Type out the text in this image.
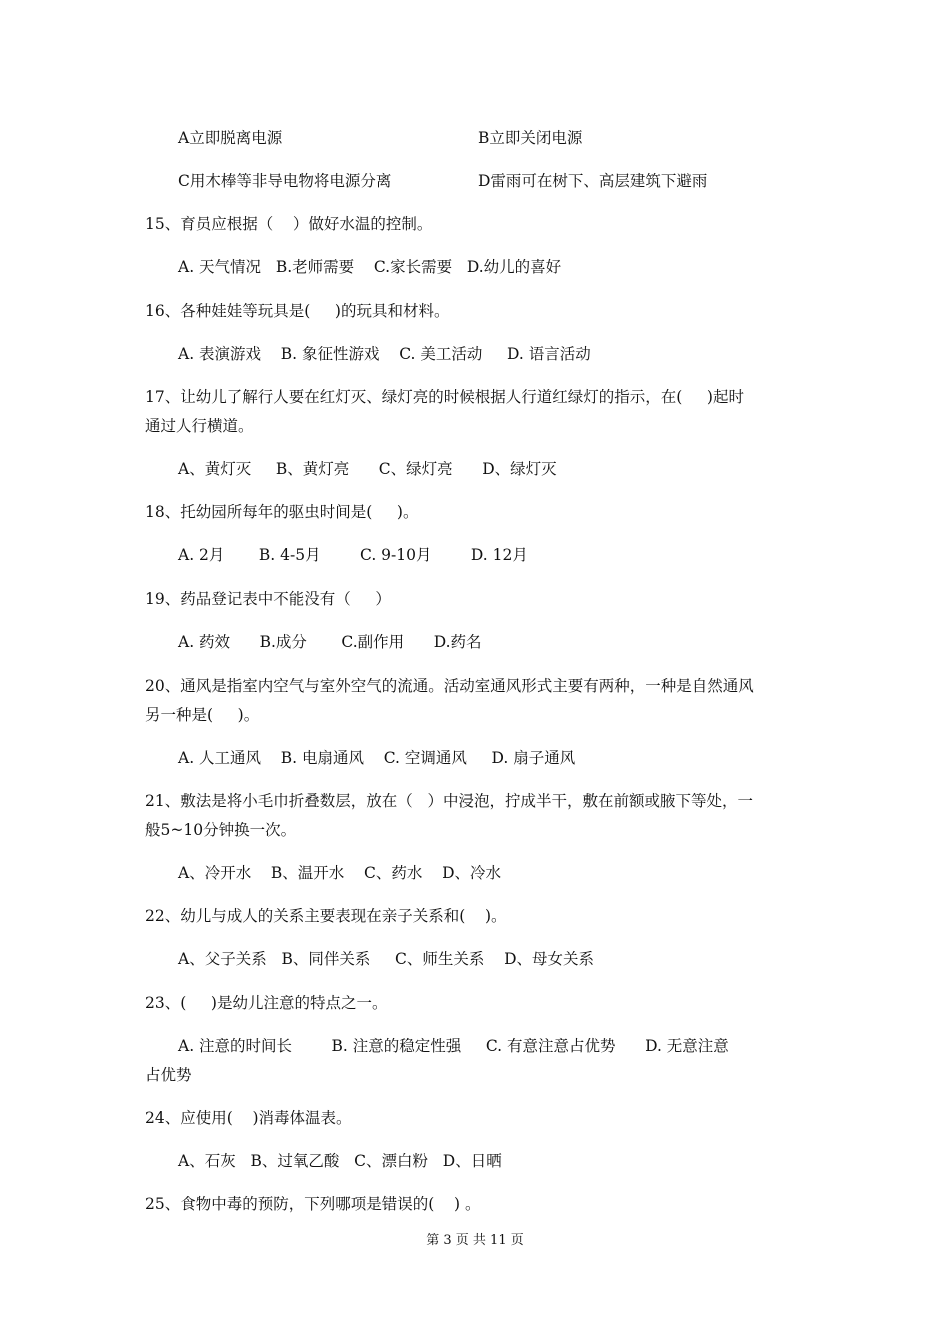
A立即脱离电源	B立即关闭电源
C用木棒等非导电物将电源分离	D雷雨可在树下、高层建筑下避雨
15、育员应根据（    ）做好水温的控制。
A. 天气情况   B.老师需要    C.家长需要   D.幼儿的喜好
16、各种娃娃等玩具是(     )的玩具和材料。
A. 表演游戏    B. 象征性游戏    C. 美工活动     D. 语言活动
17、让幼儿了解行人要在红灯灭、绿灯亮的时候根据人行道红绿灯的指示，在(     )起时
通过人行横道。
A、黄灯灭     B、黄灯亮      C、绿灯亮      D、绿灯灭
18、托幼园所每年的驱虫时间是(     )。
A. 2月       B. 4-5月        C. 9-10月        D. 12月
19、药品登记表中不能没有（     ）
A. 药效      B.成分       C.副作用      D.药名
20、通风是指室内空气与室外空气的流通。活动室通风形式主要有两种，一种是自然通风
另一种是(     )。
A. 人工通风    B. 电扇通风    C. 空调通风     D. 扇子通风
21、敷法是将小毛巾折叠数层，放在（   ）中浸泡，拧成半干，敷在前额或腋下等处，一
般5~10分钟换一次。
A、冷开水    B、温开水    C、药水    D、冷水
22、幼儿与成人的关系主要表现在亲子关系和(    )。
A、父子关系   B、同伴关系     C、师生关系    D、母女关系
23、(     )是幼儿注意的特点之一。
A. 注意的时间长        B. 注意的稳定性强     C. 有意注意占优势      D. 无意注意
占优势
24、应使用(    )消毒体温表。
A、石灰   B、过氧乙酸   C、漂白粉   D、日晒
25、食物中毒的预防，下列哪项是错误的(    ) 。
第 3 页 共 11 页
